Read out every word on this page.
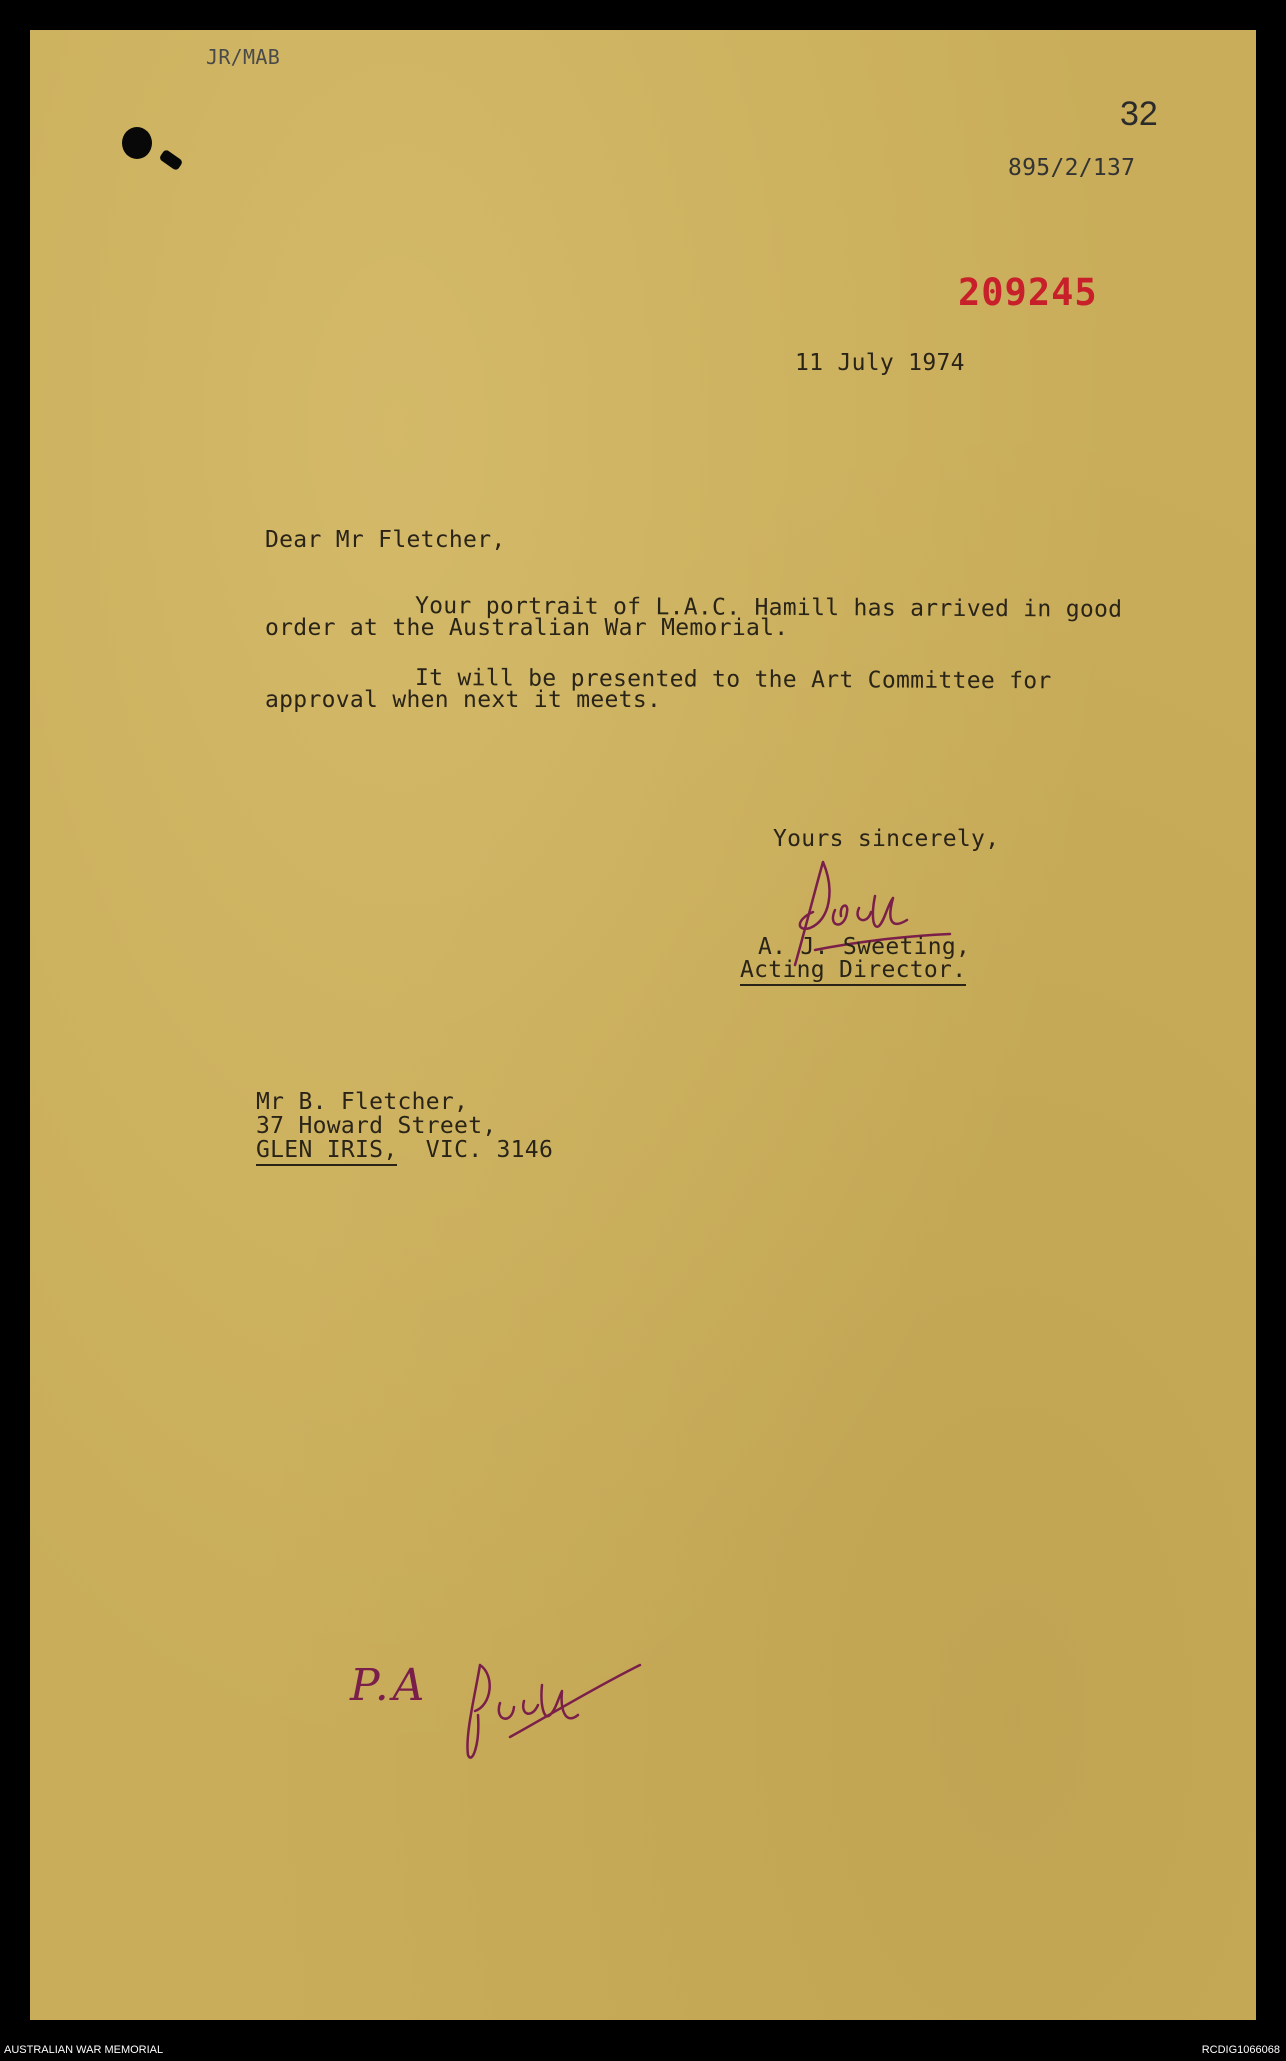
JR/MAB
32
895/2/137
209245
11 July 1974
Dear Mr Fletcher,
Your portrait of L.A.C. Hamill has arrived in good
order at the Australian War Memorial.
It will be presented to the Art Committee for
approval when next it meets.
Yours sincerely,
A. J. Sweeting,
Acting Director.
Mr B. Fletcher,
37 Howard Street,
GLEN IRIS, VIC. 3146
P.A
AUSTRALIAN WAR MEMORIAL	RCDIG1066068
